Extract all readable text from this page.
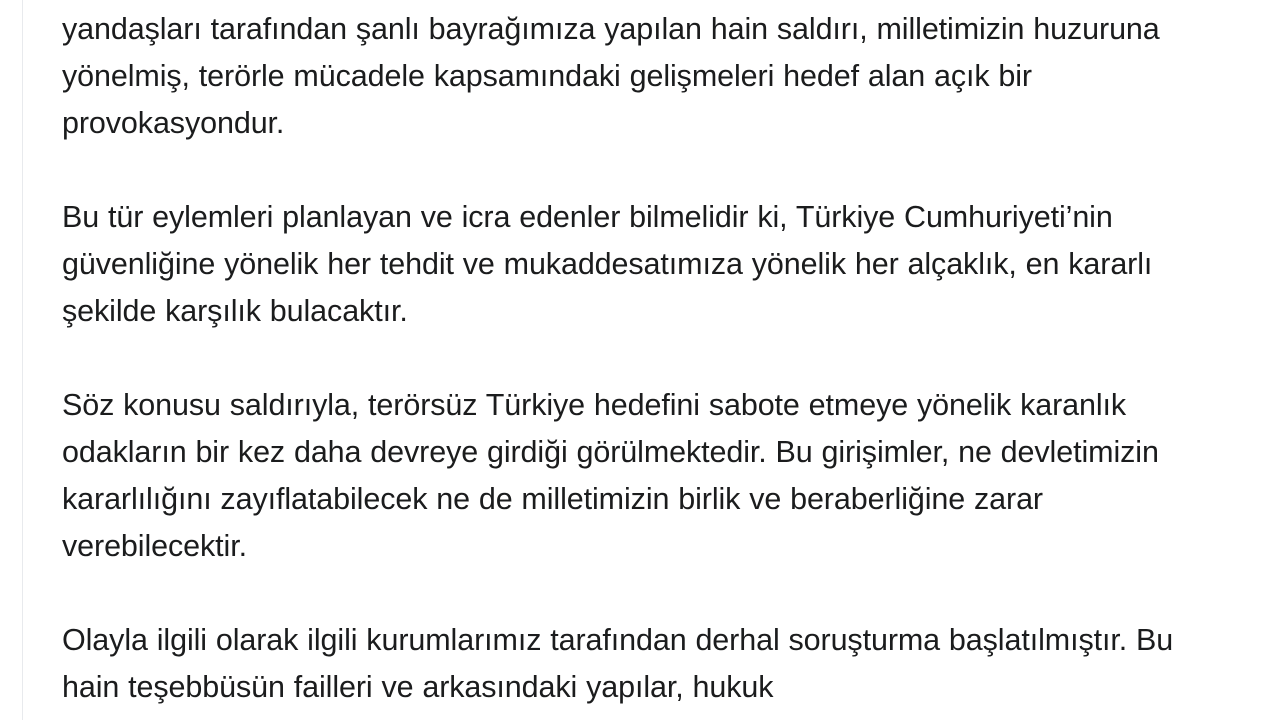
yandaşları tarafından şanlı bayrağımıza yapılan hain saldırı, milletimizin huzuruna yönelmiş, terörle mücadele kapsamındaki gelişmeleri hedef alan açık bir provokasyondur.

Bu tür eylemleri planlayan ve icra edenler bilmelidir ki, Türkiye Cumhuriyeti’nin güvenliğine yönelik her tehdit ve mukaddesatımıza yönelik her alçaklık, en kararlı şekilde karşılık bulacaktır.

Söz konusu saldırıyla, terörsüz Türkiye hedefini sabote etmeye yönelik karanlık odakların bir kez daha devreye girdiği görülmektedir. Bu girişimler, ne devletimizin kararlılığını zayıflatabilecek ne de milletimizin birlik ve beraberliğine zarar verebilecektir.

Olayla ilgili olarak ilgili kurumlarımız tarafından derhal soruşturma başlatılmıştır. Bu hain teşebbüsün failleri ve arkasındaki yapılar, hukuk
